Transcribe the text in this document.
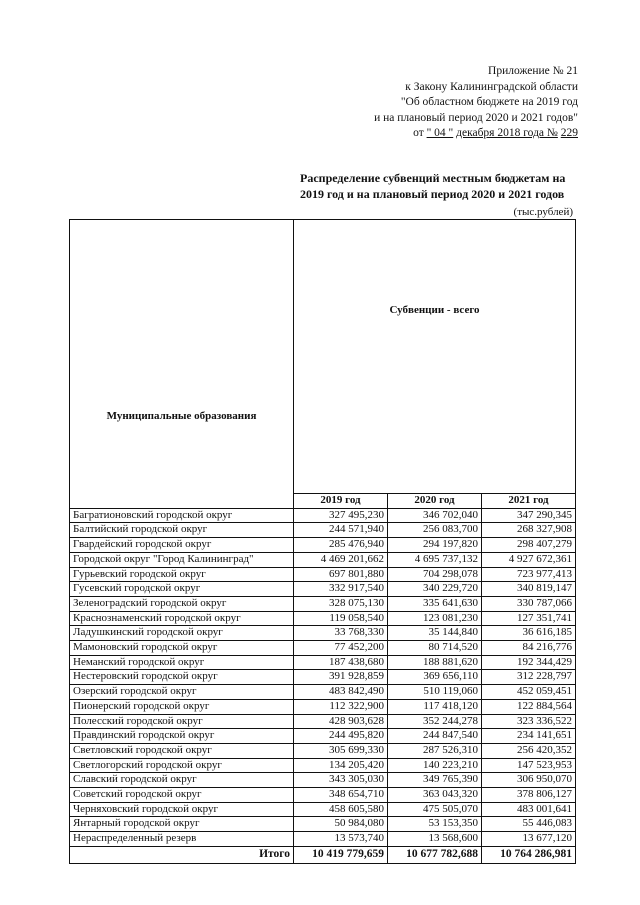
Приложение № 21
к Закону Калининградской области
"Об областном бюджете на 2019 год
и на плановый период 2020 и 2021 годов"
от " 04 " декабря 2018 года № 229
Распределение субвенций местным бюджетам на 2019 год и на плановый период 2020 и 2021 годов
(тыс.рублей)
Муниципальные образования	Субвенции - всего		
	2019 год	2020 год	2021 год
Багратионовский городской округ	327 495,230	346 702,040	347 290,345
Балтийский городской округ	244 571,940	256 083,700	268 327,908
Гвардейский городской округ	285 476,940	294 197,820	298 407,279
Городской округ "Город Калининград"	4 469 201,662	4 695 737,132	4 927 672,361
Гурьевский городской округ	697 801,880	704 298,078	723 977,413
Гусевский городской округ	332 917,540	340 229,720	340 819,147
Зеленоградский городской округ	328 075,130	335 641,630	330 787,066
Краснознаменский городской округ	119 058,540	123 081,230	127 351,741
Ладушкинский городской округ	33 768,330	35 144,840	36 616,185
Мамоновский городской округ	77 452,200	80 714,520	84 216,776
Неманский городской округ	187 438,680	188 881,620	192 344,429
Нестеровский городской округ	391 928,859	369 656,110	312 228,797
Озерский городской округ	483 842,490	510 119,060	452 059,451
Пионерский городской округ	112 322,900	117 418,120	122 884,564
Полесский городской округ	428 903,628	352 244,278	323 336,522
Правдинский городской округ	244 495,820	244 847,540	234 141,651
Светловский городской округ	305 699,330	287 526,310	256 420,352
Светлогорский городской округ	134 205,420	140 223,210	147 523,953
Славский городской округ	343 305,030	349 765,390	306 950,070
Советский городской округ	348 654,710	363 043,320	378 806,127
Черняховский городской округ	458 605,580	475 505,070	483 001,641
Янтарный городской округ	50 984,080	53 153,350	55 446,083
Нераспределенный резерв	13 573,740	13 568,600	13 677,120
Итого	10 419 779,659	10 677 782,688	10 764 286,981
